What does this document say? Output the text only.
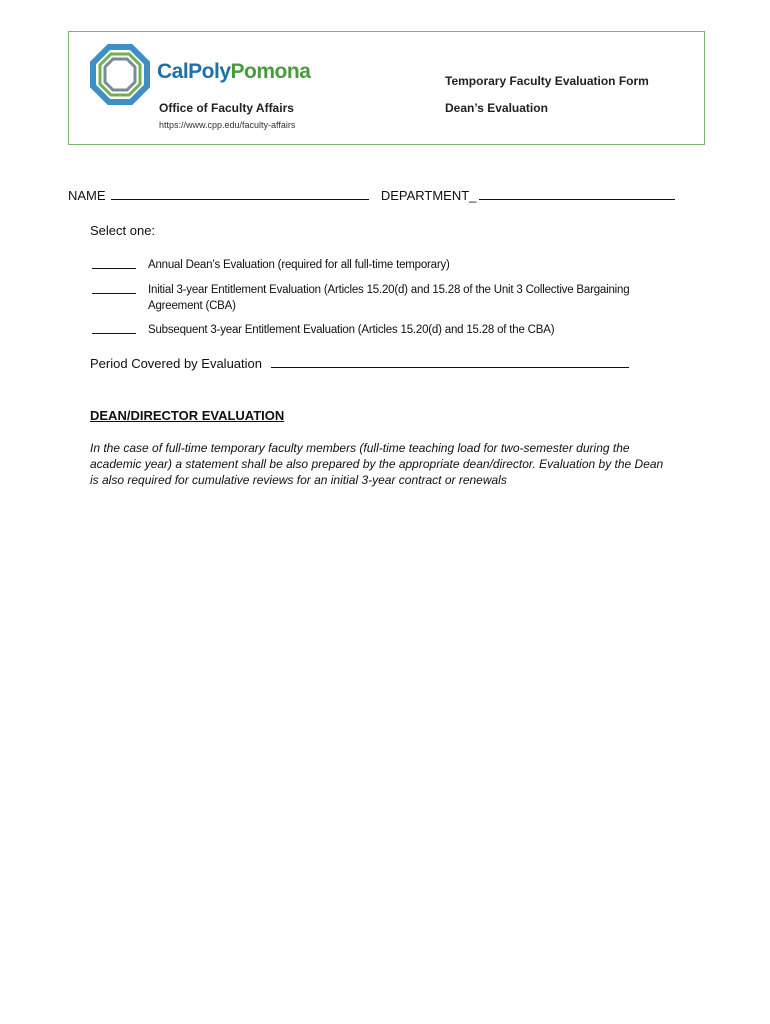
CalPolyPomona
Office of Faculty Affairs
https://www.cpp.edu/faculty-affairs
Temporary Faculty Evaluation Form
Dean’s Evaluation
NAME	DEPARTMENT_
Select one:
Annual Dean’s Evaluation (required for all full-time temporary)
Initial 3-year Entitlement Evaluation (Articles 15.20(d) and 15.28 of the Unit 3 Collective Bargaining Agreement (CBA)
Subsequent 3-year Entitlement Evaluation (Articles 15.20(d) and 15.28 of the CBA)
Period Covered by Evaluation
DEAN/DIRECTOR EVALUATION
In the case of full-time temporary faculty members (full-time teaching load for two-semester during the academic year) a statement shall be also prepared by the appropriate dean/director. Evaluation by the Dean is also required for cumulative reviews for an initial 3-year contract or renewals
